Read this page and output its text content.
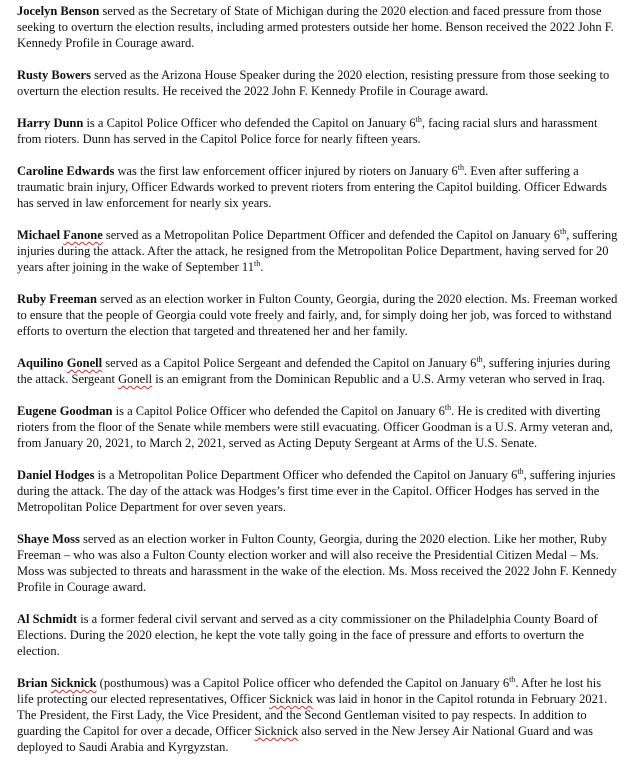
Jocelyn Benson served as the Secretary of State of Michigan during the 2020 election and faced pressure from those seeking to overturn the election results, including armed protesters outside her home. Benson received the 2022 John F. Kennedy Profile in Courage award.

Rusty Bowers served as the Arizona House Speaker during the 2020 election, resisting pressure from those seeking to overturn the election results. He received the 2022 John F. Kennedy Profile in Courage award.

Harry Dunn is a Capitol Police Officer who defended the Capitol on January 6th, facing racial slurs and harassment from rioters. Dunn has served in the Capitol Police force for nearly fifteen years.

Caroline Edwards was the first law enforcement officer injured by rioters on January 6th. Even after suffering a traumatic brain injury, Officer Edwards worked to prevent rioters from entering the Capitol building. Officer Edwards has served in law enforcement for nearly six years.

Michael Fanone served as a Metropolitan Police Department Officer and defended the Capitol on January 6th, suffering injuries during the attack. After the attack, he resigned from the Metropolitan Police Department, having served for 20 years after joining in the wake of September 11th.

Ruby Freeman served as an election worker in Fulton County, Georgia, during the 2020 election. Ms. Freeman worked to ensure that the people of Georgia could vote freely and fairly, and, for simply doing her job, was forced to withstand efforts to overturn the election that targeted and threatened her and her family.

Aquilino Gonell served as a Capitol Police Sergeant and defended the Capitol on January 6th, suffering injuries during the attack. Sergeant Gonell is an emigrant from the Dominican Republic and a U.S. Army veteran who served in Iraq.

Eugene Goodman is a Capitol Police Officer who defended the Capitol on January 6th. He is credited with diverting rioters from the floor of the Senate while members were still evacuating. Officer Goodman is a U.S. Army veteran and, from January 20, 2021, to March 2, 2021, served as Acting Deputy Sergeant at Arms of the U.S. Senate.

Daniel Hodges is a Metropolitan Police Department Officer who defended the Capitol on January 6th, suffering injuries during the attack. The day of the attack was Hodges’s first time ever in the Capitol. Officer Hodges has served in the Metropolitan Police Department for over seven years.

Shaye Moss served as an election worker in Fulton County, Georgia, during the 2020 election. Like her mother, Ruby Freeman – who was also a Fulton County election worker and will also receive the Presidential Citizen Medal – Ms. Moss was subjected to threats and harassment in the wake of the election. Ms. Moss received the 2022 John F. Kennedy Profile in Courage award.

Al Schmidt is a former federal civil servant and served as a city commissioner on the Philadelphia County Board of Elections. During the 2020 election, he kept the vote tally going in the face of pressure and efforts to overturn the election.

Brian Sicknick (posthumous) was a Capitol Police officer who defended the Capitol on January 6th. After he lost his life protecting our elected representatives, Officer Sicknick was laid in honor in the Capitol rotunda in February 2021. The President, the First Lady, the Vice President, and the Second Gentleman visited to pay respects. In addition to guarding the Capitol for over a decade, Officer Sicknick also served in the New Jersey Air National Guard and was deployed to Saudi Arabia and Kyrgyzstan.
